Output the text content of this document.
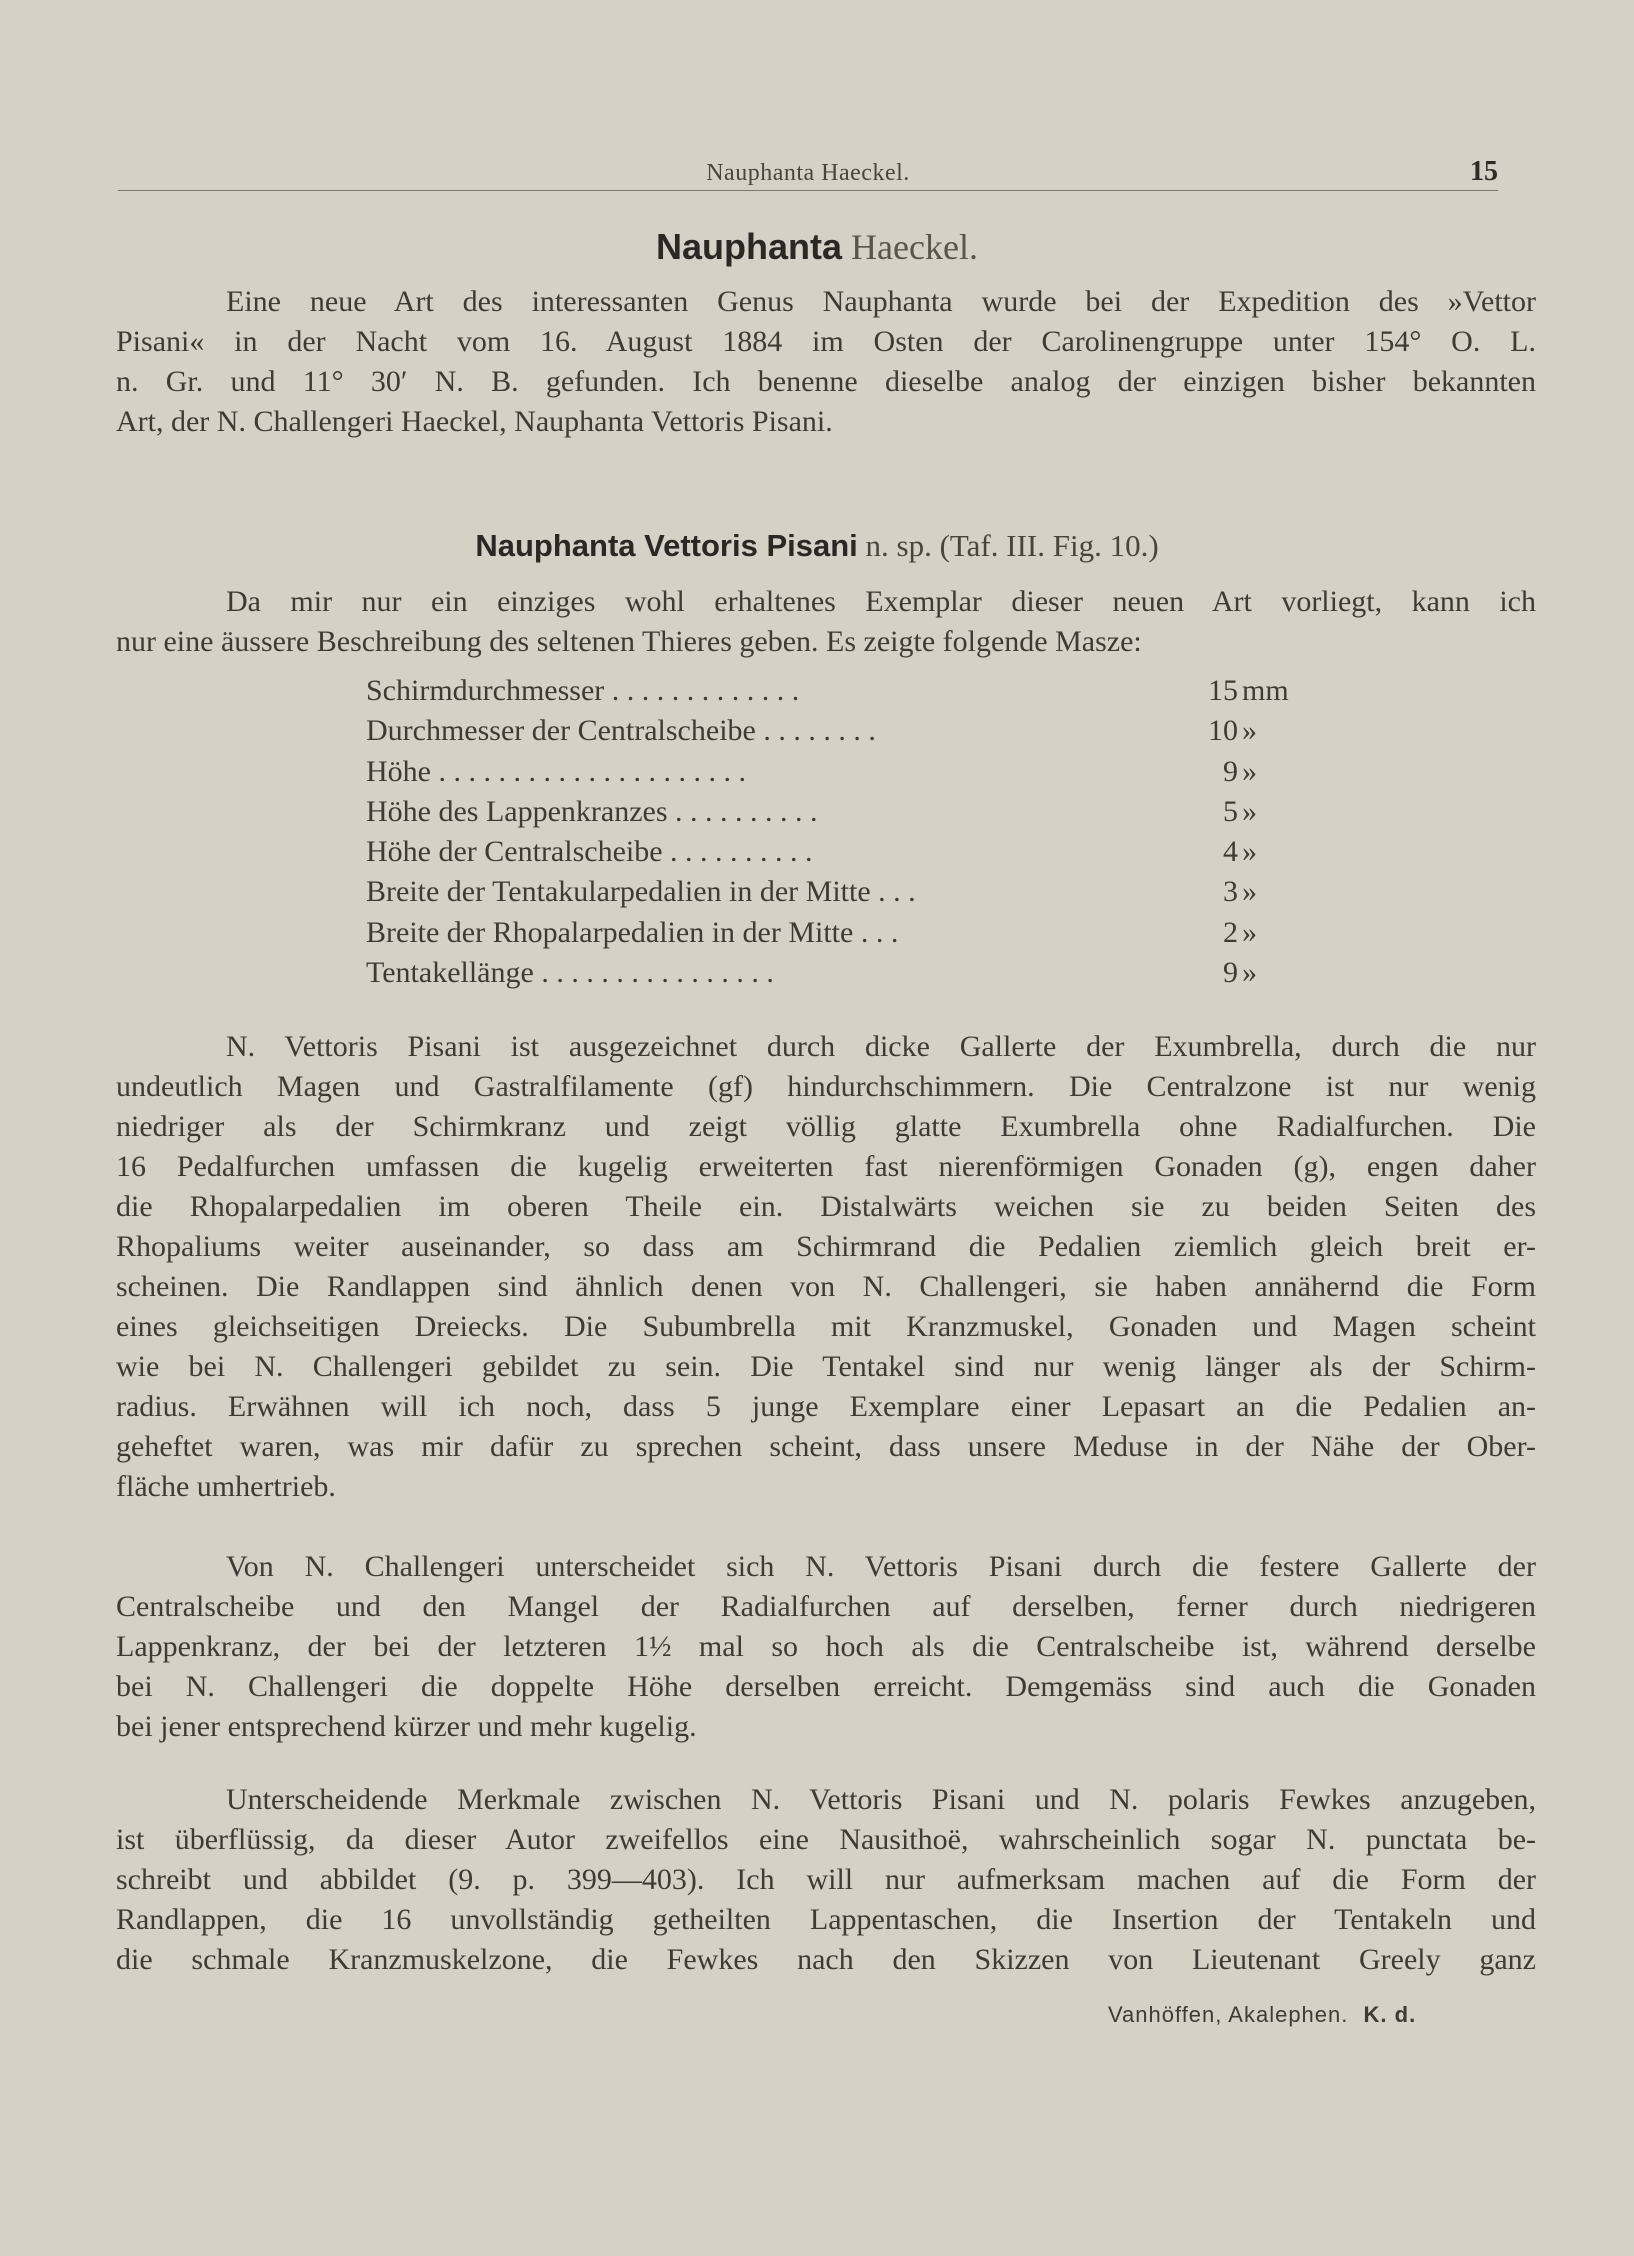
Nauphanta Haeckel.	15
Nauphanta Haeckel.
Eine neue Art des interessanten Genus Nauphanta wurde bei der Expedition des »Vettor
Pisani« in der Nacht vom 16. August 1884 im Osten der Carolinengruppe unter 154° O. L.
n. Gr. und 11° 30′ N. B. gefunden. Ich benenne dieselbe analog der einzigen bisher bekannten
Art, der N. Challengeri Haeckel, Nauphanta Vettoris Pisani.
Nauphanta Vettoris Pisani n. sp. (Taf. III. Fig. 10.)
Da mir nur ein einziges wohl erhaltenes Exemplar dieser neuen Art vorliegt, kann ich
nur eine äussere Beschreibung des seltenen Thieres geben. Es zeigte folgende Masze:
Schirmdurchmesser . . . . . . . . . . . . .	15 mm
Durchmesser der Centralscheibe . . . . . . . .	10 »
Höhe . . . . . . . . . . . . . . . . . . . . .	9 »
Höhe des Lappenkranzes . . . . . . . . . .	5 »
Höhe der Centralscheibe . . . . . . . . . .	4 »
Breite der Tentakularpedalien in der Mitte . . .	3 »
Breite der Rhopalarpedalien in der Mitte . . .	2 »
Tentakellänge . . . . . . . . . . . . . . . .	9 »
N. Vettoris Pisani ist ausgezeichnet durch dicke Gallerte der Exumbrella, durch die nur
undeutlich Magen und Gastralfilamente (gf) hindurchschimmern. Die Centralzone ist nur wenig
niedriger als der Schirmkranz und zeigt völlig glatte Exumbrella ohne Radialfurchen. Die
16 Pedalfurchen umfassen die kugelig erweiterten fast nierenförmigen Gonaden (g), engen daher
die Rhopalarpedalien im oberen Theile ein. Distalwärts weichen sie zu beiden Seiten des
Rhopaliums weiter auseinander, so dass am Schirmrand die Pedalien ziemlich gleich breit er-
scheinen. Die Randlappen sind ähnlich denen von N. Challengeri, sie haben annähernd die Form
eines gleichseitigen Dreiecks. Die Subumbrella mit Kranzmuskel, Gonaden und Magen scheint
wie bei N. Challengeri gebildet zu sein. Die Tentakel sind nur wenig länger als der Schirm-
radius. Erwähnen will ich noch, dass 5 junge Exemplare einer Lepasart an die Pedalien an-
geheftet waren, was mir dafür zu sprechen scheint, dass unsere Meduse in der Nähe der Ober-
fläche umhertrieb.
Von N. Challengeri unterscheidet sich N. Vettoris Pisani durch die festere Gallerte der
Centralscheibe und den Mangel der Radialfurchen auf derselben, ferner durch niedrigeren
Lappenkranz, der bei der letzteren 1½ mal so hoch als die Centralscheibe ist, während derselbe
bei N. Challengeri die doppelte Höhe derselben erreicht. Demgemäss sind auch die Gonaden
bei jener entsprechend kürzer und mehr kugelig.
Unterscheidende Merkmale zwischen N. Vettoris Pisani und N. polaris Fewkes anzugeben,
ist überflüssig, da dieser Autor zweifellos eine Nausithoë, wahrscheinlich sogar N. punctata be-
schreibt und abbildet (9. p. 399—403). Ich will nur aufmerksam machen auf die Form der
Randlappen, die 16 unvollständig getheilten Lappentaschen, die Insertion der Tentakeln und
die schmale Kranzmuskelzone, die Fewkes nach den Skizzen von Lieutenant Greely ganz
Vanhöffen, Akalephen. K. d.
